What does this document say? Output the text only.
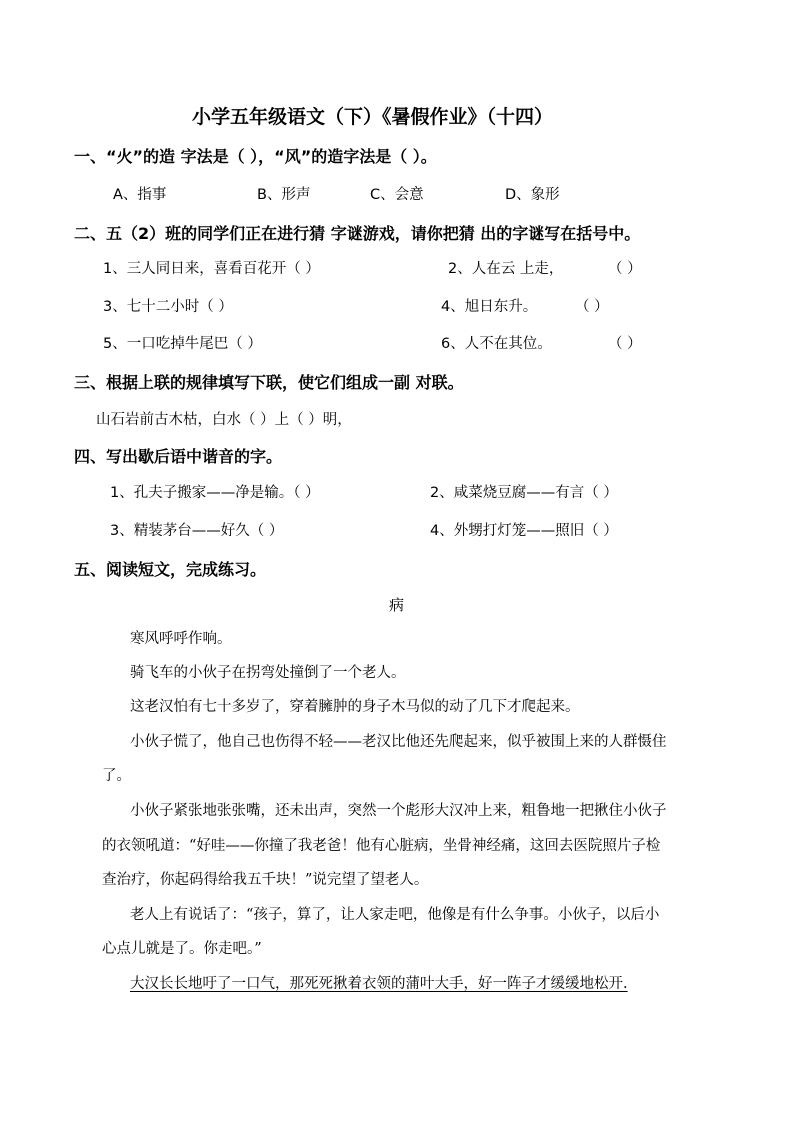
小学五年级语文（下）《暑假作业》（十四）
一、“火”的造 字法是（ ），“风”的造字法是（ ）。
A、指事	B、形声	C、会意	D、象形
二、五（2）班的同学们正在进行猜 字谜游戏，请你把猜 出的字谜写在括号中。
1、三人同日来，喜看百花开（ ）	2、人在云 上走，	（ ）
3、七十二小时（ ）	4、旭日东升。	（ ）
5、一口吃掉牛尾巴（ ）	6、人不在其位。	（ ）
三、根据上联的规律填写下联，使它们组成一副 对联。
山石岩前古木枯，白水（ ）上（ ）明，
四、写出歇后语中谐音的字。
1、孔夫子搬家——净是输。（ ）	2、咸菜烧豆腐——有言（ ）
3、精装茅台——好久（ ）	4、外甥打灯笼——照旧（ ）
五、阅读短文，完成练习。
病
寒风呼呼作响。
骑飞车的小伙子在拐弯处撞倒了一个老人。
这老汉怕有七十多岁了，穿着臃肿的身子木马似的动了几下才爬起来。
小伙子慌了，他自己也伤得不轻——老汉比他还先爬起来，似乎被围上来的人群慑住
了。
小伙子紧张地张张嘴，还未出声，突然一个彪形大汉冲上来，粗鲁地一把揪住小伙子
的衣领吼道：“好哇——你撞了我老爸！他有心脏病，坐骨神经痛，这回去医院照片子检
查治疗，你起码得给我五千块！”说完望了望老人。
老人上有说话了：“孩子，算了，让人家走吧，他像是有什么争事。小伙子，以后小
心点儿就是了。你走吧。”
大汉长长地吁了一口气，那死死揪着衣领的蒲叶大手，好一阵子才缓缓地松开.
